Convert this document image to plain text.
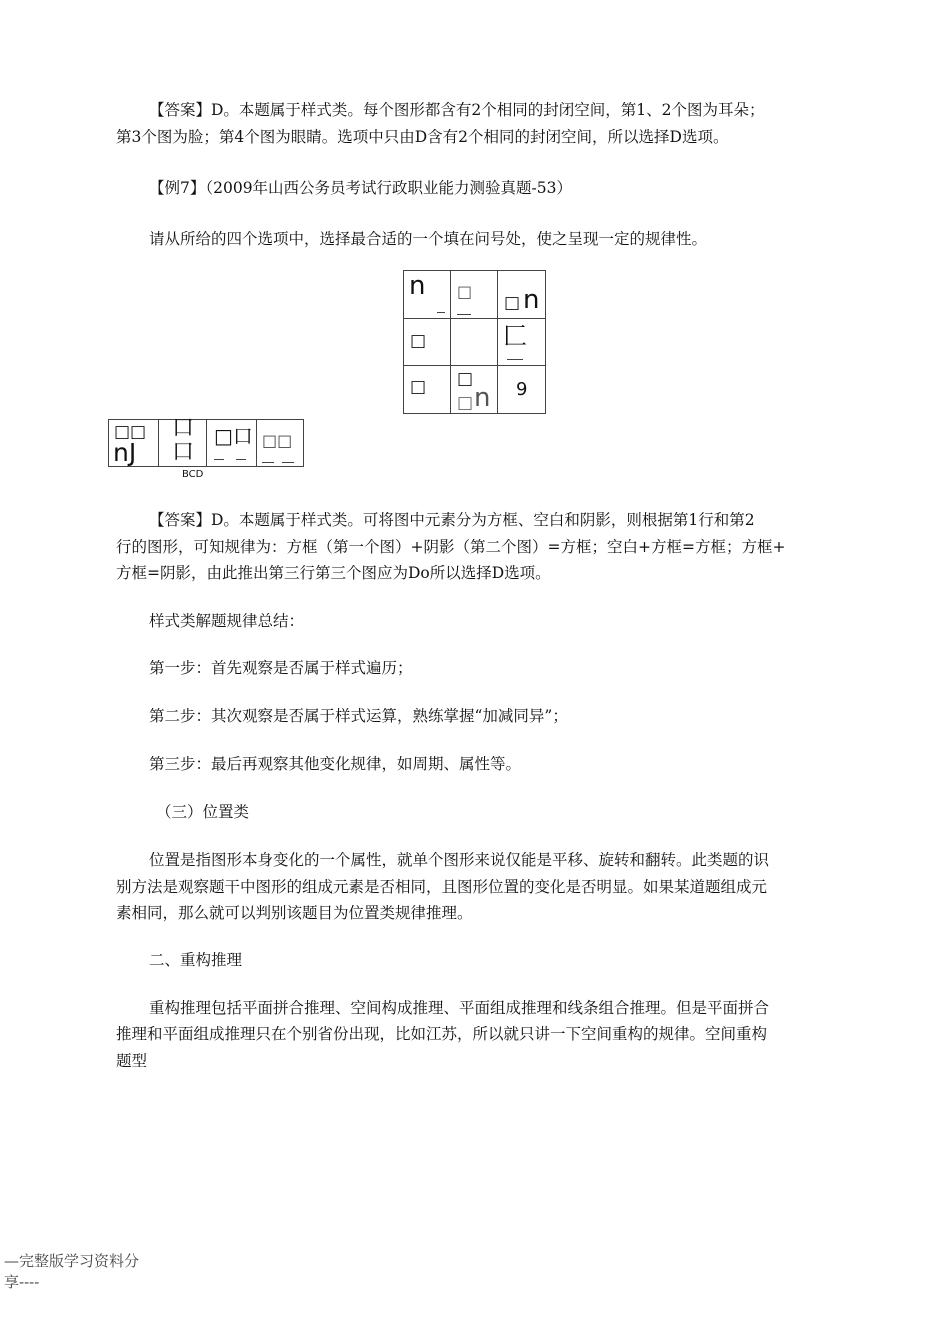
【答案】D。本题属于样式类。每个图形都含有2个相同的封闭空间，第1、2个图为耳朵；
第3个图为脸；第4个图为眼睛。选项中只由D含有2个相同的封闭空间，所以选择D选项。
【例7】（2009年山西公务员考试行政职业能力测验真题-53）
请从所给的四个选项中，选择最合适的一个填在问号处，使之呈现一定的规律性。
n □
□ n
□	匚
□ □
□ n 9
□□
nJ
口
口
□口 □□
BCD
【答案】D。本题属于样式类。可将图中元素分为方框、空白和阴影，则根据第1行和第2
行的图形，可知规律为：方框（第一个图）+阴影（第二个图）=方框；空白+方框=方框；方框+
方框=阴影，由此推出第三行第三个图应为Do所以选择D选项。
样式类解题规律总结：
第一步：首先观察是否属于样式遍历；
第二步：其次观察是否属于样式运算，熟练掌握“加减同异”；
第三步：最后再观察其他变化规律，如周期、属性等。
（三）位置类
位置是指图形本身变化的一个属性，就单个图形来说仅能是平移、旋转和翻转。此类题的识
别方法是观察题干中图形的组成元素是否相同，且图形位置的变化是否明显。如果某道题组成元
素相同，那么就可以判别该题目为位置类规律推理。
二、重构推理
重构推理包括平面拼合推理、空间构成推理、平面组成推理和线条组合推理。但是平面拼合
推理和平面组成推理只在个别省份出现，比如江苏，所以就只讲一下空间重构的规律。空间重构
题型
—完整版学习资料分
享----
